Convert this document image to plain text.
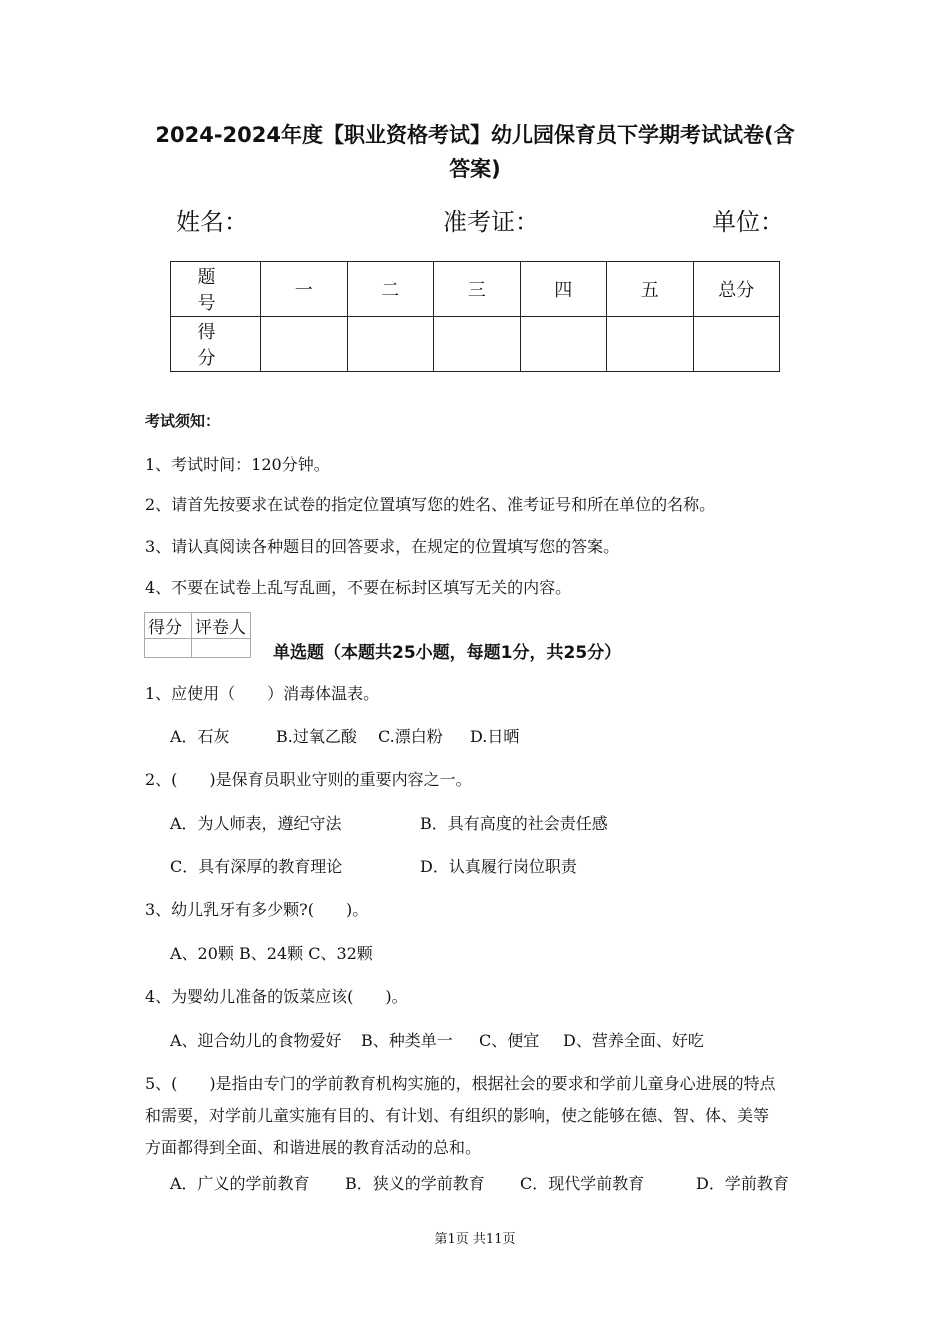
2024-2024年度【职业资格考试】幼儿园保育员下学期考试试卷(含
答案)
姓名：	准考证：	单位：
题 号	一	二	三	四	五	总分
得 分						
考试须知：
1、考试时间：120分钟。
2、请首先按要求在试卷的指定位置填写您的姓名、准考证号和所在单位的名称。
3、请认真阅读各种题目的回答要求，在规定的位置填写您的答案。
4、不要在试卷上乱写乱画，不要在标封区填写无关的内容。
得分	评卷人

单选题（本题共25小题，每题1分，共25分）
1、应使用（　　）消毒体温表。
A．石灰	B.过氧乙酸 C.漂白粉 D.日晒
2、(　　)是保育员职业守则的重要内容之一。
A．为人师表，遵纪守法	B．具有高度的社会责任感
C．具有深厚的教育理论	D．认真履行岗位职责
3、幼儿乳牙有多少颗?(　　)。
A、20颗 B、24颗 C、32颗
4、为婴幼儿准备的饭菜应该(　　)。
A、迎合幼儿的食物爱好 B、种类单一 C、便宜 D、营养全面、好吃
5、(　　)是指由专门的学前教育机构实施的，根据社会的要求和学前儿童身心进展的特点
和需要，对学前儿童实施有目的、有计划、有组织的影响，使之能够在德、智、体、美等
方面都得到全面、和谐进展的教育活动的总和。
A．广义的学前教育 B．狭义的学前教育 C．现代学前教育	D．学前教育
第1页 共11页
